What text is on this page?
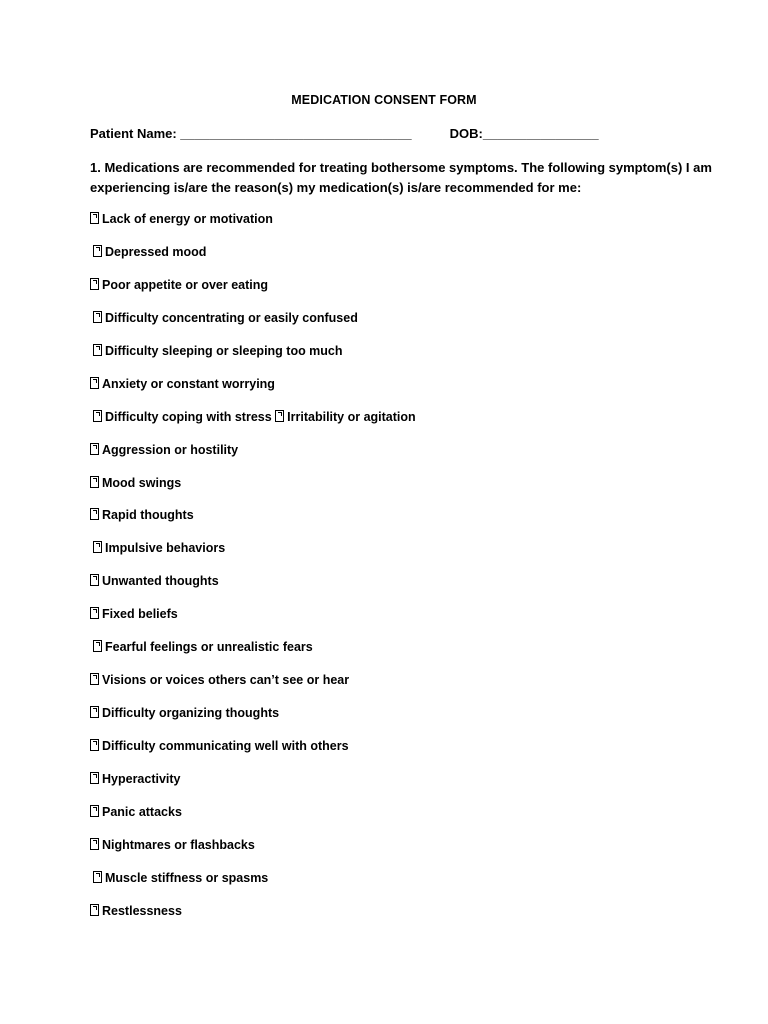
MEDICATION CONSENT FORM
Patient Name: ________________________________	DOB:________________
1. Medications are recommended for treating bothersome symptoms. The following symptom(s) I am
experiencing is/are the reason(s) my medication(s) is/are recommended for me:
Lack of energy or motivation
Depressed mood
Poor appetite or over eating
Difficulty concentrating or easily confused
Difficulty sleeping or sleeping too much
Anxiety or constant worrying
Difficulty coping with stress Irritability or agitation
Aggression or hostility
Mood swings
Rapid thoughts
Impulsive behaviors
Unwanted thoughts
Fixed beliefs
Fearful feelings or unrealistic fears
Visions or voices others can’t see or hear
Difficulty organizing thoughts
Difficulty communicating well with others
Hyperactivity
Panic attacks
Nightmares or flashbacks
Muscle stiffness or spasms
Restlessness
